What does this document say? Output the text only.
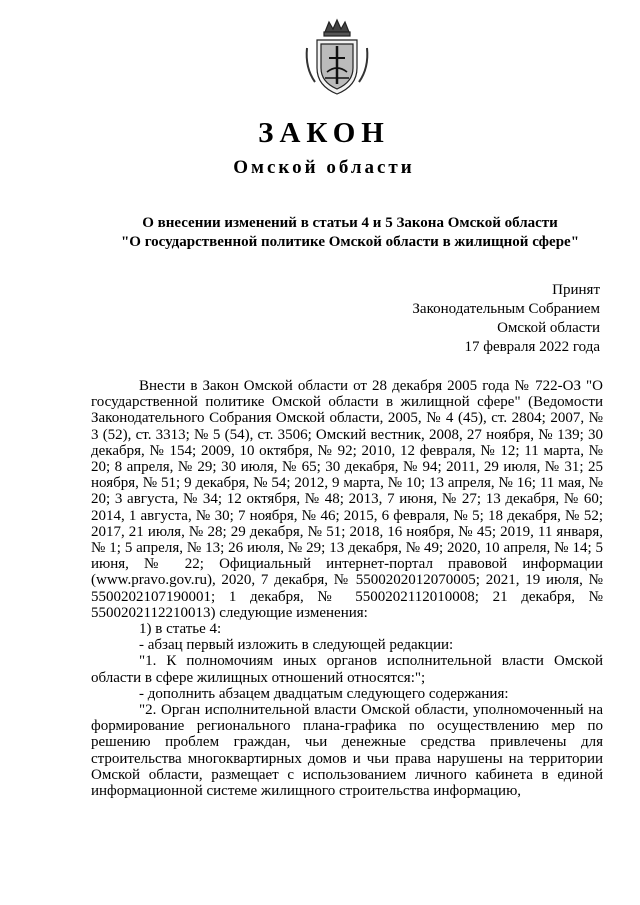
ЗАКОН
Омской области
О внесении изменений в статьи 4 и 5 Закона Омской области
"О государственной политике Омской области в жилищной сфере"
Принят
Законодательным Собранием
Омской области
17 февраля 2022 года

Внести в Закон Омской области от 28 декабря 2005 года № 722-ОЗ "О государственной политике Омской области в жилищной сфере" (Ведомости Законодательного Собрания Омской области, 2005, № 4 (45), ст. 2804; 2007, № 3 (52), ст. 3313; № 5 (54), ст. 3506; Омский вестник, 2008, 27 ноября, № 139; 30 декабря, № 154; 2009, 10 октября, № 92; 2010, 12 февраля, № 12; 11 марта, № 20; 8 апреля, № 29; 30 июля, № 65; 30 декабря, № 94; 2011, 29 июля, № 31; 25 ноября, № 51; 9 декабря, № 54; 2012, 9 марта, № 10; 13 апреля, № 16; 11 мая, № 20; 3 августа, № 34; 12 октября, № 48; 2013, 7 июня, № 27; 13 декабря, № 60; 2014, 1 августа, № 30; 7 ноября, № 46; 2015, 6 февраля, № 5; 18 декабря, № 52; 2017, 21 июля, № 28; 29 декабря, № 51; 2018, 16 ноября, № 45; 2019, 11 января, № 1; 5 апреля, № 13; 26 июля, № 29; 13 декабря, № 49; 2020, 10 апреля, № 14; 5 июня, № 22; Официальный интернет-портал правовой информации (www.pravo.gov.ru), 2020, 7 декабря, № 5500202012070005; 2021, 19 июля, № 5500202107190001; 1 декабря, № 5500202112010008; 21 декабря, № 5500202112210013) следующие изменения:

1) в статье 4:

- абзац первый изложить в следующей редакции:

"1. К полномочиям иных органов исполнительной власти Омской области в сфере жилищных отношений относятся:";

- дополнить абзацем двадцатым следующего содержания:

"2. Орган исполнительной власти Омской области, уполномоченный на формирование регионального плана-графика по осуществлению мер по решению проблем граждан, чьи денежные средства привлечены для строительства многоквартирных домов и чьи права нарушены на территории Омской области, размещает с использованием личного кабинета в единой информационной системе жилищного строительства информацию,
